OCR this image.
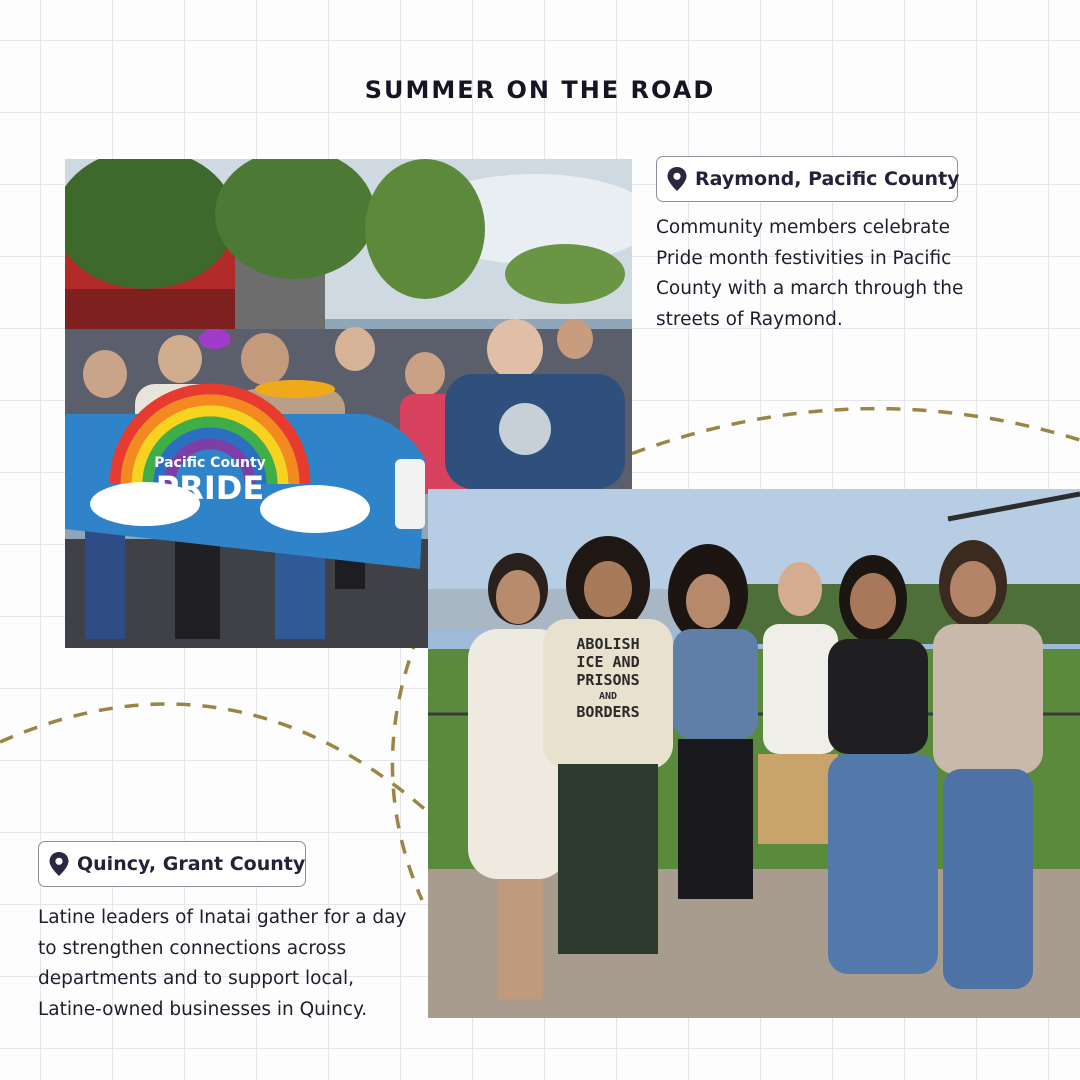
SUMMER ON THE ROAD
Pacific County
PRIDE
ABOLISH
ICE AND
PRISONS
AND
BORDERS
Raymond, Pacific County
Community members celebrate Pride month festivities in Pacific County with a march through the streets of Raymond.
Quincy, Grant County
Latine leaders of Inatai gather for a day to strengthen connections across departments and to support local, Latine-owned businesses in Quincy.
